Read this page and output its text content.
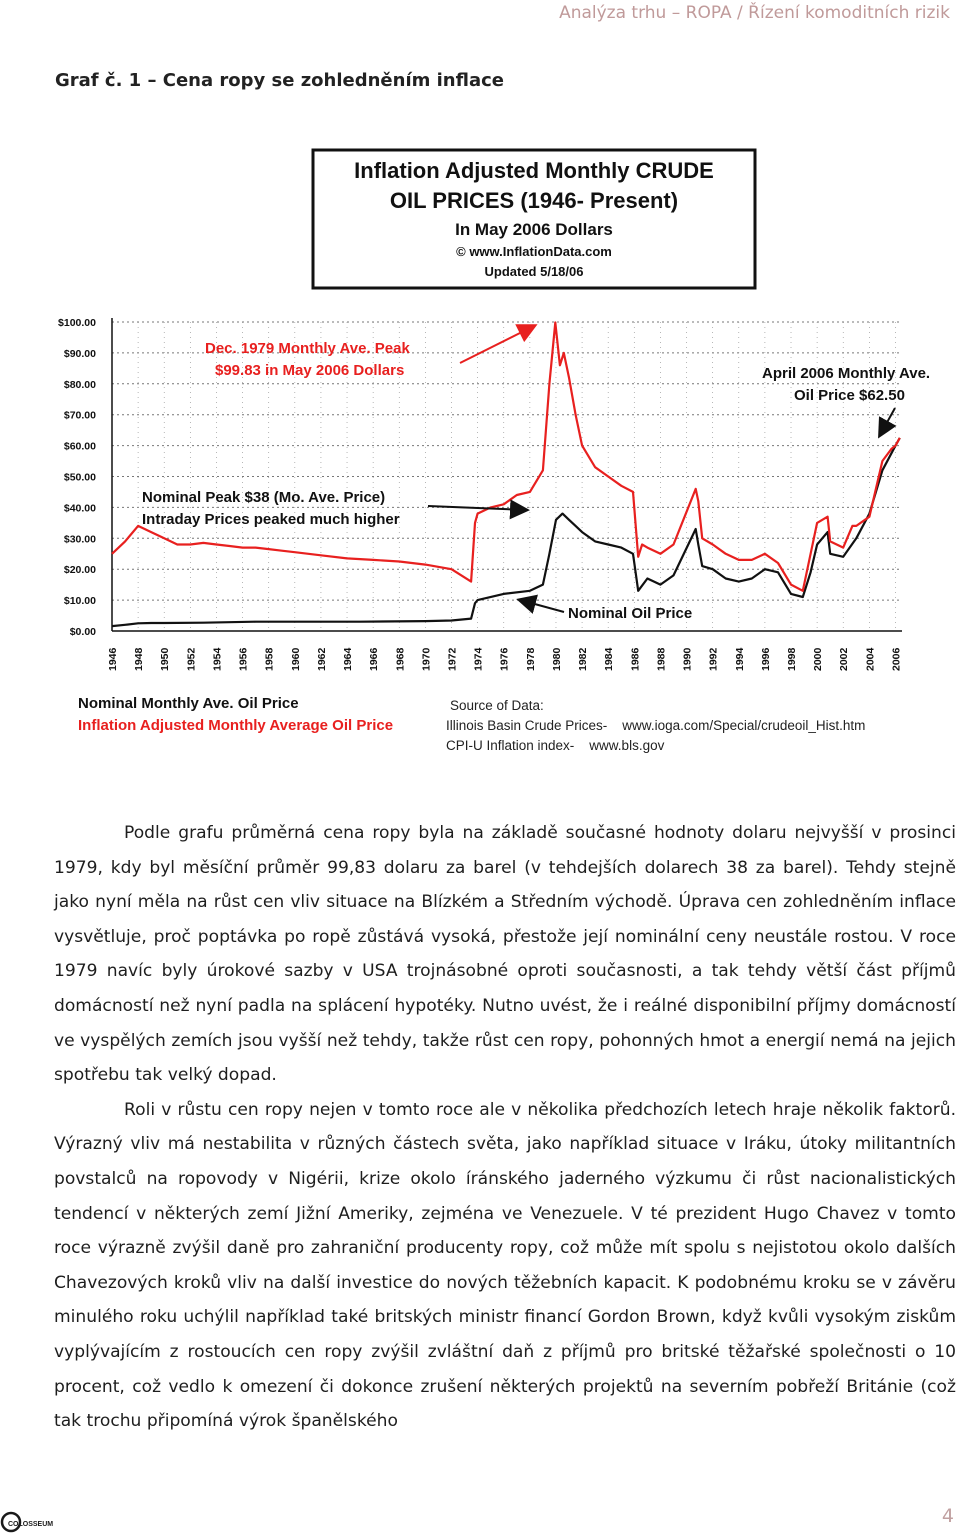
Analýza trhu – ROPA / Řízení komoditních rizik
Graf č. 1 – Cena ropy se zohledněním inflace
Inflation Adjusted Monthly CRUDE
OIL PRICES (1946- Present)
In May 2006 Dollars
© www.InflationData.com
Updated 5/18/06
$100.00
$90.00
$80.00
$70.00
$60.00
$50.00
$40.00
$30.00
$20.00
$10.00
$0.00
1946 1948 1950 1952 1954 1956 1958 1960 1962 1964 1966 1968 1970 1972 1974 1976 1978 1980 1982 1984 1986 1988 1990 1992 1994 1996 1998 2000 2002 2004 2006
Dec. 1979 Monthly Ave. Peak
$99.83 in May 2006 Dollars	April 2006 Monthly Ave.
Oil Price $62.50
Nominal Peak $38 (Mo. Ave. Price)
Intraday Prices peaked much higher
Nominal Oil Price
Nominal Monthly Ave. Oil Price
Inflation Adjusted Monthly Average Oil Price
Source of Data:
Illinois Basin Crude Prices-    www.ioga.com/Special/crudeoil_Hist.htm
CPI-U Inflation index-    www.bls.gov

Podle grafu průměrná cena ropy byla na základě současné hodnoty dolaru nejvyšší v prosinci 1979, kdy byl měsíční průměr 99,83 dolaru za barel (v tehdejších dolarech 38 za barel). Tehdy stejně jako nyní měla na růst cen vliv situace na Blízkém a Středním východě. Úprava cen zohledněním inflace vysvětluje, proč poptávka po ropě zůstává vysoká, přestože její nominální ceny neustále rostou. V roce 1979 navíc byly úrokové sazby v USA trojnásobné oproti současnosti, a tak tehdy větší část příjmů domácností než nyní padla na splácení hypotéky. Nutno uvést, že i reálné disponibilní příjmy domácností ve vyspělých zemích jsou vyšší než tehdy, takže růst cen ropy, pohonných hmot a energií nemá na jejich spotřebu tak velký dopad.

Roli v růstu cen ropy nejen v tomto roce ale v několika předchozích letech hraje několik faktorů. Výrazný vliv má nestabilita v různých částech světa, jako například situace v Iráku, útoky militantních povstalců na ropovody v Nigérii, krize okolo íránského jaderného výzkumu či růst nacionalistických tendencí v některých zemí Jižní Ameriky, zejména ve Venezuele. V té prezident Hugo Chavez v tomto roce výrazně zvýšil daně pro zahraniční producenty ropy, což může mít spolu s nejistotou okolo dalších Chavezových kroků vliv na další investice do nových těžebních kapacit. K podobnému kroku se v závěru minulého roku uchýlil například také britských ministr financí Gordon Brown, když kvůli vysokým ziskům vyplývajícím z rostoucích cen ropy zvýšil zvláštní daň z příjmů pro britské těžařské společnosti o 10 procent, což vedlo k omezení či dokonce zrušení některých projektů na severním pobřeží Británie (což tak trochu připomíná výrok španělského

COLOSSEUM	4
